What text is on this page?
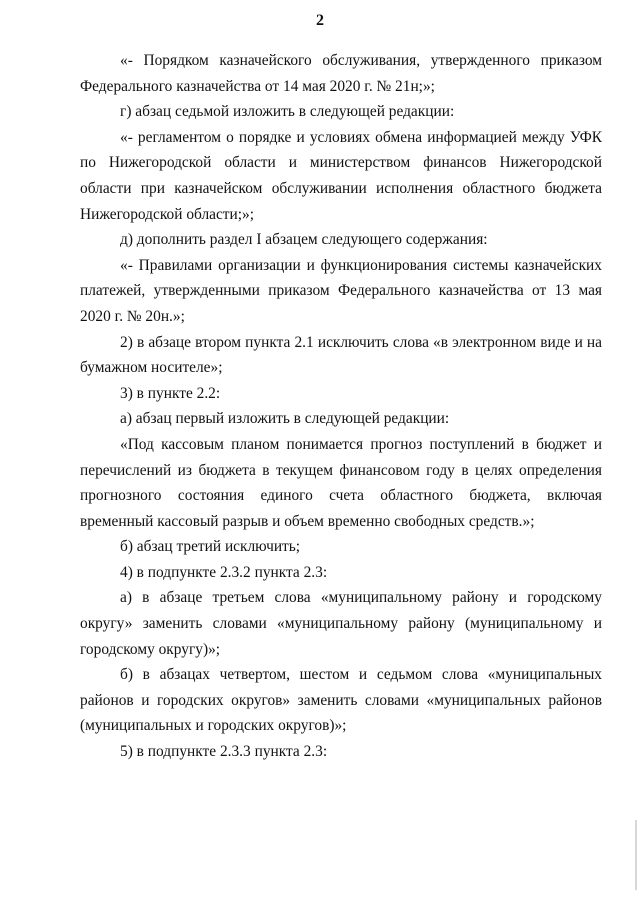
2

«- Порядком казначейского обслуживания, утвержденного приказом Федерального казначейства от 14 мая 2020 г. № 21н;»;

г) абзац седьмой изложить в следующей редакции:

«- регламентом о порядке и условиях обмена информацией между УФК по Нижегородской области и министерством финансов Нижегородской области при казначейском обслуживании исполнения областного бюджета Нижегородской области;»;

д) дополнить раздел I абзацем следующего содержания:

«- Правилами организации и функционирования системы казначейских платежей, утвержденными приказом Федерального казначейства от 13 мая 2020 г. № 20н.»;

2) в абзаце втором пункта 2.1 исключить слова «в электронном виде и на бумажном носителе»;

3) в пункте 2.2:

а) абзац первый изложить в следующей редакции:

«Под кассовым планом понимается прогноз поступлений в бюджет и перечислений из бюджета в текущем финансовом году в целях определения прогнозного состояния единого счета областного бюджета, включая временный кассовый разрыв и объем временно свободных средств.»;

б) абзац третий исключить;

4) в подпункте 2.3.2 пункта 2.3:

а) в абзаце третьем слова «муниципальному району и городскому округу» заменить словами «муниципальному району (муниципальному и городскому округу)»;

б) в абзацах четвертом, шестом и седьмом слова «муниципальных районов и городских округов» заменить словами «муниципальных районов (муниципальных и городских округов)»;

5) в подпункте 2.3.3 пункта 2.3:
